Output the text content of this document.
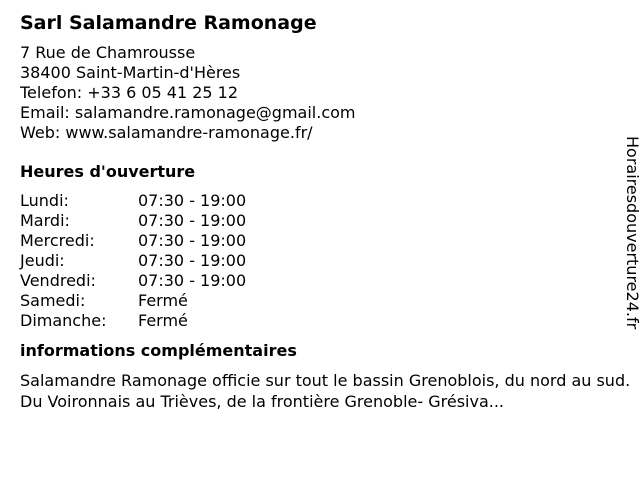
Sarl Salamandre Ramonage
7 Rue de Chamrousse
38400 Saint-Martin-d'Hères
Telefon: +33 6 05 41 25 12
Email: salamandre.ramonage@gmail.com
Web: www.salamandre-ramonage.fr/
Heures d'ouverture
Lundi:	07:30 - 19:00
Mardi:	07:30 - 19:00
Mercredi:	07:30 - 19:00
Jeudi:	07:30 - 19:00
Vendredi:	07:30 - 19:00
Samedi:	Fermé
Dimanche:	Fermé
informations complémentaires

Salamandre Ramonage officie sur tout le bassin Grenoblois, du nord au sud. Du Voironnais au Trièves, de la frontière Grenoble- Grésiva...

Horairesdouverture24.fr
